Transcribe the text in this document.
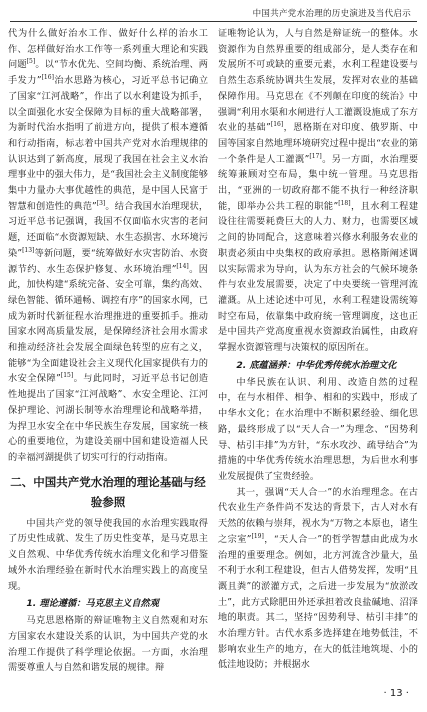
中国共产党水治理的历史演进及当代启示

代为什么做好治水工作、做好什么样的治水工作、怎样做好治水工作等一系列重大理论和实践问题[5]。以“节水优先、空间均衡、系统治理、两手发力”[16]治水思路为核心，习近平总书记确立了国家“江河战略”，作出了以水利建设为抓手，以全面强化水安全保障为目标的重大战略部署，为新时代治水指明了前进方向，提供了根本遵循和行动指南，标志着中国共产党对水治理规律的认识达到了新高度，展现了我国在社会主义水治理事业中的强大伟力，是“我国社会主义制度能够集中力量办大事优越性的典范，是中国人民富于智慧和创造性的典范”[3]。结合我国水治理现状，习近平总书记强调，我国不仅面临水灾害的老问题，还面临“水资源短缺、水生态损害、水环境污染”[13]等新问题，要“统筹做好水灾害防治、水资源节约、水生态保护修复、水环境治理”[14]。因此，加快构建“系统完备、安全可靠，集约高效、绿色智能、循环通畅、调控有序”的国家水网，已成为新时代新征程水治理推进的重要抓手。推动国家水网高质量发展，是保障经济社会用水需求和推动经济社会发展全面绿色转型的应有之义，能够“为全面建设社会主义现代化国家提供有力的水安全保障”[15]。与此同时，习近平总书记创造性地提出了国家“江河战略”、水安全理论、江河保护理论、河湖长制等水治理理论和战略举措，为捍卫水安全在中华民族生存发展，国家统一核心的重要地位，为建设美丽中国和建设造福人民的幸福河湖提供了切实可行的行动指南。

二、中国共产党水治理的理论基础与经验参照

中国共产党的领导使我国的水治理实践取得了历史性成就、发生了历史性变革，是马克思主义自然观、中华优秀传统水治理文化和学习借鉴域外水治理经验在新时代水治理实践上的高度呈现。

1. 理论遵循：马克思主义自然观

马克思恩格斯的辩证唯物主义自然观和对东方国家农水建设关系的认识，为中国共产党的水治理工作提供了科学理论依据。一方面，水治理需要尊重人与自然和谐发展的规律。辩

证唯物论认为，人与自然是辩证统一的整体。水资源作为自然界重要的组成部分，是人类存在和发展所不可或缺的重要元素，水利工程建设要与自然生态系统协调共生发展，发挥对农业的基础保障作用。马克思在《不列颠在印度的统治》中强调“利用水渠和水闸进行人工灌溉设施成了东方农业的基础”[16]，恩格斯在对印度、俄罗斯、中国等国家自然地理环境研究过程中提出“农业的第一个条件是人工灌溉”[17]。另一方面，水治理要统筹兼顾对空布局，集中统一管理。马克思指出，“亚洲的一切政府都不能不执行一种经济职能，即举办公共工程的职能”[18]，且水利工程建设往往需要耗费巨大的人力、财力，也需要区域之间的协同配合，这意味着兴修水利服务农业的职责必须由中央集权的政府承担。恩格斯阐述调以实际需求为导向，认为东方社会的气候环境条件与农业发展需要，决定了中央要统一管理河流灌溉。从上述论述中可见，水利工程建设需统筹时空布局，依靠集中政府统一管理调度，这也正是中国共产党高度重视水资源政治属性，由政府掌握水资源管理与决策权的原因所在。

2. 底蕴涵养：中华优秀传统水治理文化

中华民族在认识、利用、改造自然的过程中，在与水相伴、相争、相和的实践中，形成了中华水文化；在水治理中不断积累经验、细化思路，最终形成了以“天人合一”为理念、“因势利导、枯引丰排”为方针，“东水攻沙、疏导结合”为措施的中华优秀传统水治理思想，为后世水利事业发展提供了宝贵经验。

其一，强调“天人合一”的水治理理念。在古代农业生产条件尚不发达的背景下，古人对水有天然的依赖与崇拜，视水为“万物之本原也，诸生之宗室”[19]，“天人合一”的哲学智慧由此成为水治理的重要理念。例如，北方河流含沙量大，虽不利于水利工程建设，但古人借势发挥，发明“且溉且粪”的淤灌方式，之后进一步发展为“放淤改土”，此方式除肥田外还承担着改良盐碱地、沼泽地的职责。其二，坚持“因势利导、枯引丰排”的水治理方针。古代水系多选择建在地势低洼，不影响农业生产的地方，在大的低洼地筑堤、小的低洼地设防；并根据水

· 13 ·
